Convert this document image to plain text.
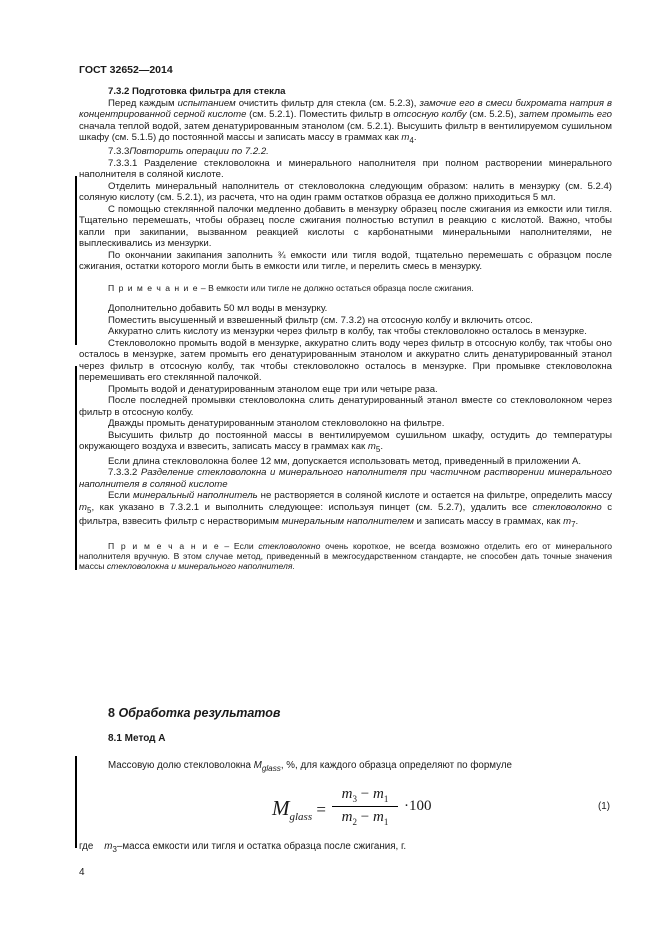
ГОСТ 32652—2014

7.3.2 Подготовка фильтра для стекла

Перед каждым испытанием очистить фильтр для стекла (см. 5.2.3), замочие его в смеси бихромата натрия в концентрированной серной кислоте (см. 5.2.1). Поместить фильтр в отсосную колбу (см. 5.2.5), затем промыть его сначала теплой водой, затем денатурированным этанолом (см. 5.2.1). Высушить фильтр в вентилируемом сушильном шкафу (см. 5.1.5) до постоянной массы и записать массу в граммах как $m_4$.

7.3.3Повторить операции по 7.2.2.

7.3.3.1 Разделение стекловолокна и минерального наполнителя при полном растворении минерального наполнителя в соляной кислоте.

Отделить минеральный наполнитель от стекловолокна следующим образом: налить в мензурку (см. 5.2.4) соляную кислоту (см. 5.2.1), из расчета, что на один грамм остатков образца ее должно приходиться 5 мл.

С помощью стеклянной палочки медленно добавить в мензурку образец после сжигания из емкости или тигля. Тщательно перемешать, чтобы образец после сжигания полностью вступил в реакцию с кислотой. Важно, чтобы капли при закипании, вызванном реакцией кислоты с карбонатными минеральными наполнителями, не выплескивались из мензурки.

По окончании закипания заполнить ¾ емкости или тигля водой, тщательно перемешать с образцом после сжигания, остатки которого могли быть в емкости или тигле, и перелить смесь в мензурку.

П р и м е ч а н и е – В емкости или тигле не должно остаться образца после сжигания.

Дополнительно добавить 50 мл воды в мензурку.

Поместить высушенный и взвешенный фильтр (см. 7.3.2) на отсосную колбу и включить отсос.

Аккуратно слить кислоту из мензурки через фильтр в колбу, так чтобы стекловолокно осталось в мензурке.

Стекловолокно промыть водой в мензурке, аккуратно слить воду через фильтр в отсосную колбу, так чтобы оно осталось в мензурке, затем промыть его денатурированным этанолом и аккуратно слить денатурированный этанол через фильтр в отсосную колбу, так чтобы стекловолокно осталось в мензурке. При промывке стекловолокна перемешивать его стеклянной палочкой.

Промыть водой и денатурированным этанолом еще три или четыре раза.

После последней промывки стекловолокна слить денатурированный этанол вместе со стекловолокном через фильтр в отсосную колбу.

Дважды промыть денатурированным этанолом стекловолокно на фильтре.

Высушить фильтр до постоянной массы в вентилируемом сушильном шкафу, остудить до температуры окружающего воздуха и взвесить, записать массу в граммах как $m_5$.

Если длина стекловолокна более 12 мм, допускается использовать метод, приведенный в приложении А.

7.3.3.2 Разделение стекловолокна и минерального наполнителя при частичном растворении минерального наполнителя в соляной кислоте

Если минеральный наполнитель не растворяется в соляной кислоте и остается на фильтре, определить массу $m_5$, как указано в 7.3.2.1 и выполнить следующее: используя пинцет (см. 5.2.7), удалить все стекловолокно с фильтра, взвесить фильтр с нерастворимым минеральным наполнителем и записать массу в граммах, как $m_7$.

П р и м е ч а н и е – Если стекловолокно очень короткое, не всегда возможно отделить его от минерального наполнителя вручную. В этом случае метод, приведенный в межгосударственном стандарте, не способен дать точные значения массы стекловолокна и минерального наполнителя.

8 Обработка результатов
8.1 Метод А
Массовую долю стекловолокна $M_{glass}$, %, для каждого образца определяют по формуле
$M_{glass}$ =
$m_3 - m_1$
$m_2 - m_1$
·100	(1)
где    $m_3$–масса емкости или тигля и остатка образца после сжигания, г.
4
